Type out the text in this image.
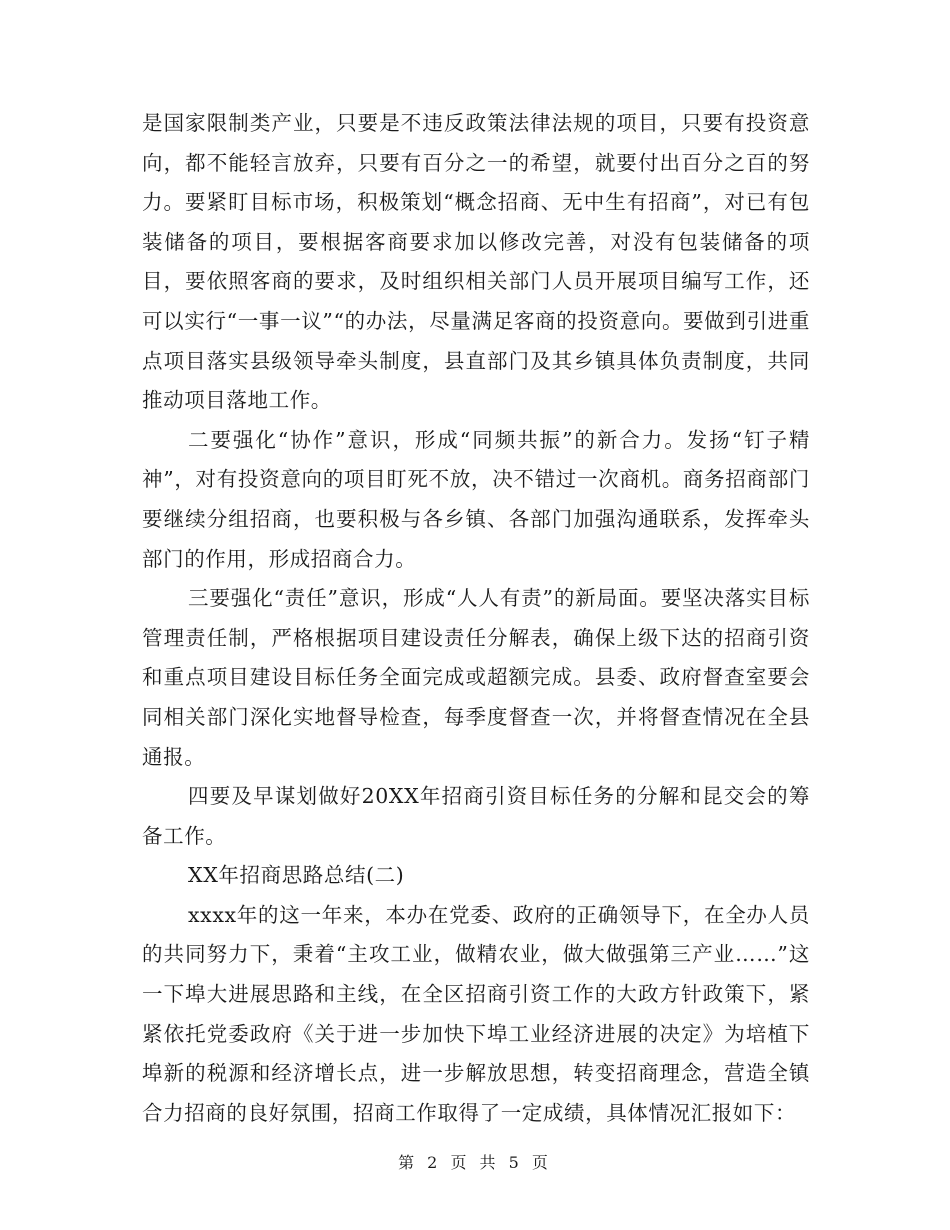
是国家限制类产业，只要是不违反政策法律法规的项目，只要有投资意向，都不能轻言放弃，只要有百分之一的希望，就要付出百分之百的努力。要紧盯目标市场，积极策划“概念招商、无中生有招商”，对已有包装储备的项目，要根据客商要求加以修改完善，对没有包装储备的项目，要依照客商的要求，及时组织相关部门人员开展项目编写工作，还可以实行“一事一议”“的办法，尽量满足客商的投资意向。要做到引进重点项目落实县级领导牵头制度，县直部门及其乡镇具体负责制度，共同推动项目落地工作。

二要强化“协作”意识，形成“同频共振”的新合力。发扬“钉子精神”，对有投资意向的项目盯死不放，决不错过一次商机。商务招商部门要继续分组招商，也要积极与各乡镇、各部门加强沟通联系，发挥牵头部门的作用，形成招商合力。

三要强化“责任”意识，形成“人人有责”的新局面。要坚决落实目标管理责任制，严格根据项目建设责任分解表，确保上级下达的招商引资和重点项目建设目标任务全面完成或超额完成。县委、政府督查室要会同相关部门深化实地督导检查，每季度督查一次，并将督查情况在全县通报。

四要及早谋划做好20XX年招商引资目标任务的分解和昆交会的筹备工作。

XX年招商思路总结(二)

xxxx年的这一年来，本办在党委、政府的正确领导下，在全办人员的共同努力下，秉着“主攻工业，做精农业，做大做强第三产业……”这一下埠大进展思路和主线，在全区招商引资工作的大政方针政策下，紧紧依托党委政府《关于进一步加快下埠工业经济进展的决定》为培植下埠新的税源和经济增长点，进一步解放思想，转变招商理念，营造全镇合力招商的良好氛围，招商工作取得了一定成绩，具体情况汇报如下：

第 2 页 共 5 页
